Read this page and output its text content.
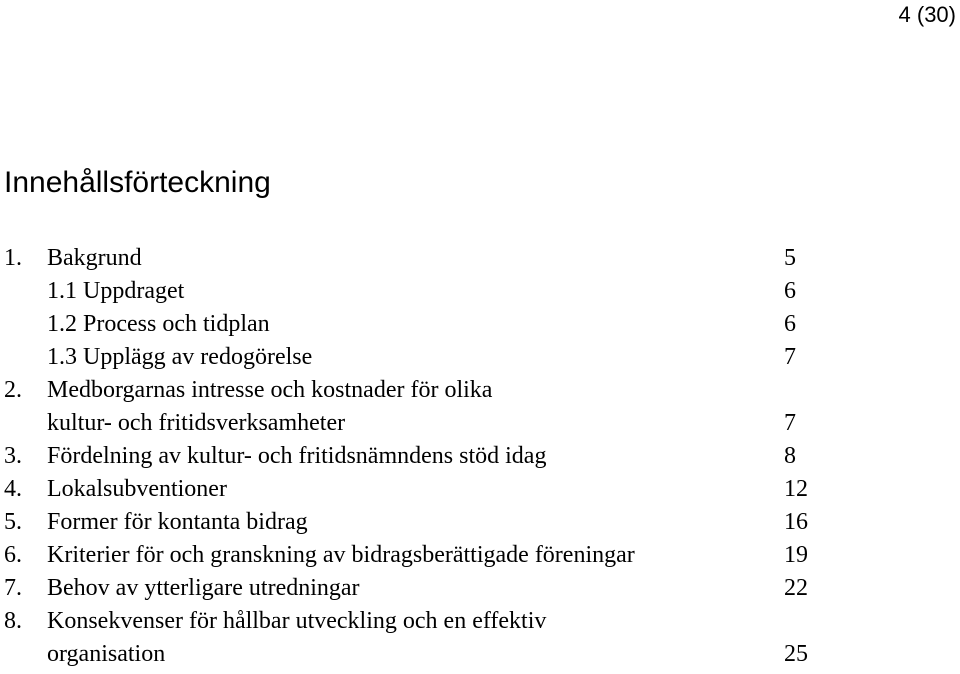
4 (30)
Innehållsförteckning
1. Bakgrund	5
1.1 Uppdraget	6
1.2 Process och tidplan	6
1.3 Upplägg av redogörelse	7
2. Medborgarnas intresse och kostnader för olika
kultur- och fritidsverksamheter	7
3. Fördelning av kultur- och fritidsnämndens stöd idag	8
4. Lokalsubventioner	12
5. Former för kontanta bidrag	16
6. Kriterier för och granskning av bidragsberättigade föreningar	19
7. Behov av ytterligare utredningar	22
8. Konsekvenser för hållbar utveckling och en effektiv
organisation	25
